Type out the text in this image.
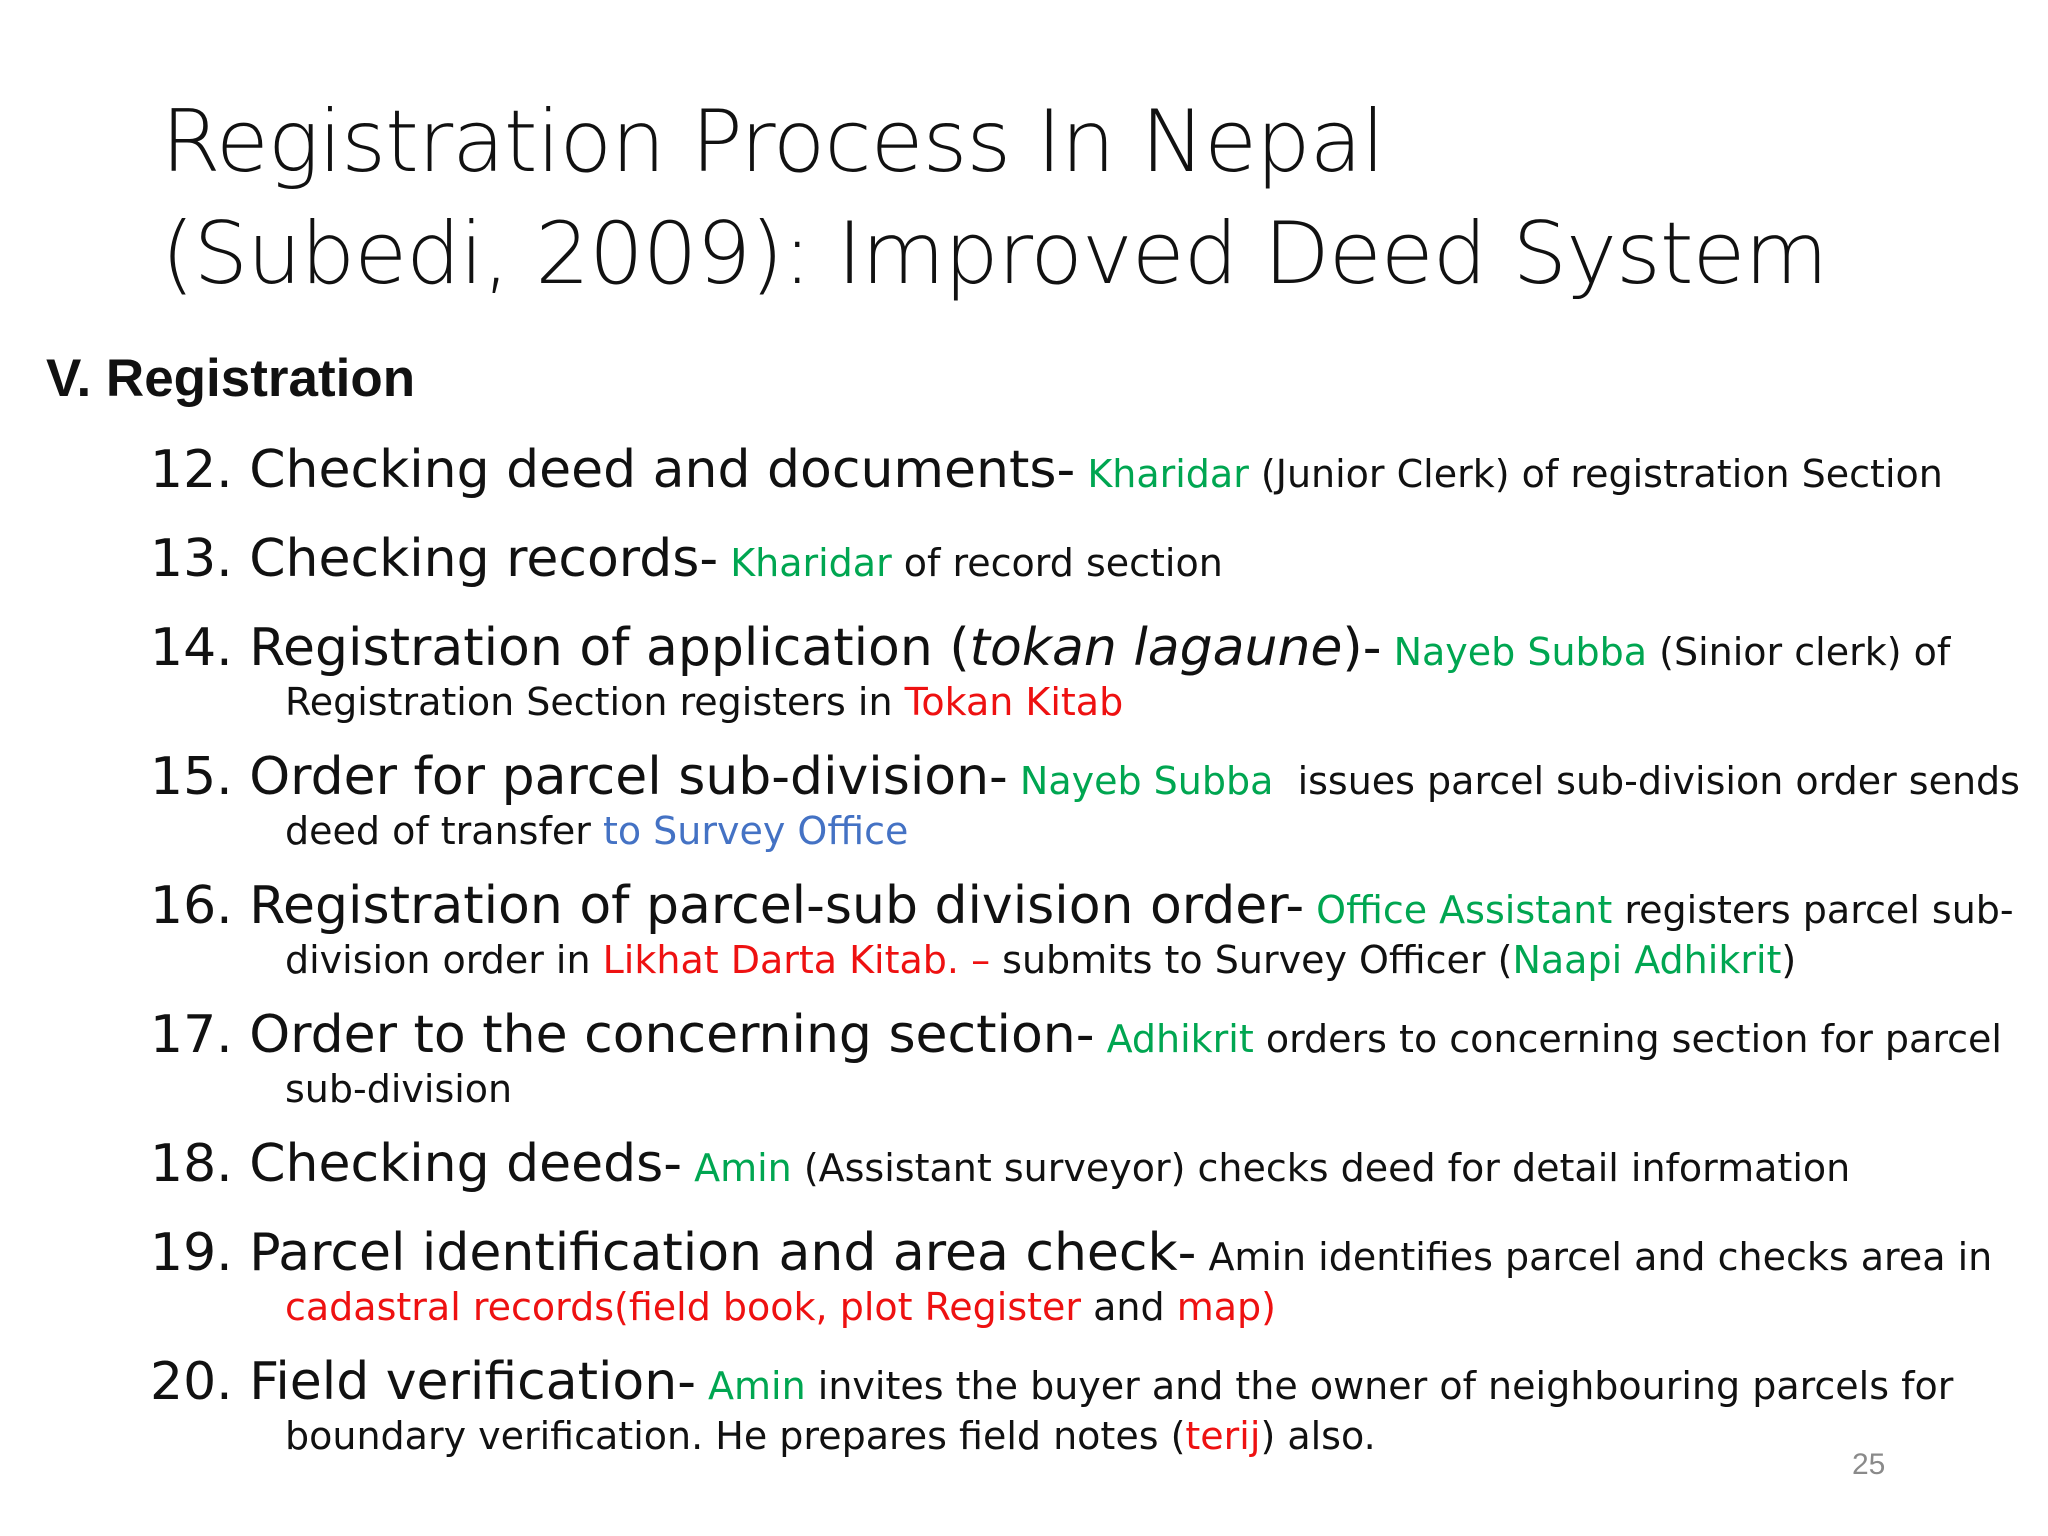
Registration Process In Nepal
(Subedi, 2009): Improved Deed System
V. Registration
12. Checking deed and documents- Kharidar (Junior Clerk) of registration Section
13. Checking records- Kharidar of record section
14. Registration of application (tokan lagaune)- Nayeb Subba (Sinior clerk) of
Registration Section registers in Tokan Kitab
15. Order for parcel sub-division- Nayeb Subba  issues parcel sub-division order sends
deed of transfer to Survey Office
16. Registration of parcel-sub division order- Office Assistant registers parcel sub-
division order in Likhat Darta Kitab. – submits to Survey Officer (Naapi Adhikrit)
17. Order to the concerning section- Adhikrit orders to concerning section for parcel
sub-division
18. Checking deeds- Amin (Assistant surveyor) checks deed for detail information
19. Parcel identification and area check- Amin identifies parcel and checks area in
cadastral records(field book, plot Register and map)
20. Field verification- Amin invites the buyer and the owner of neighbouring parcels for
boundary verification. He prepares field notes (terij) also.
25
